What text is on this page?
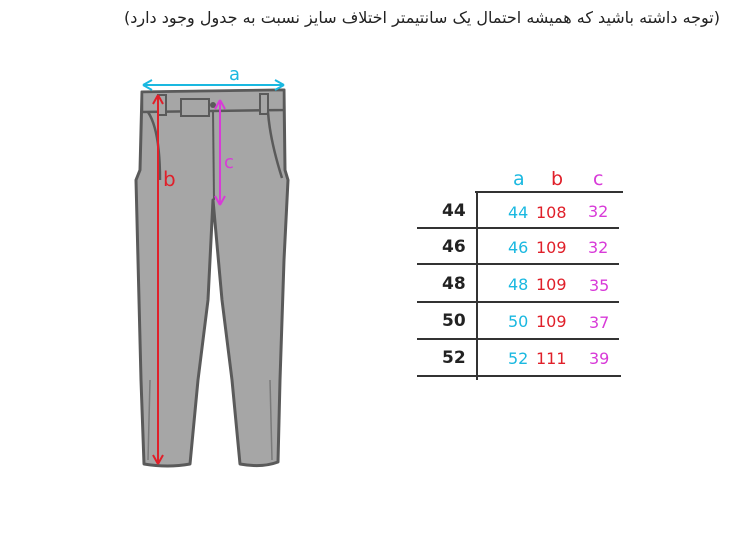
(توجه داشته باشید که همیشه احتمال یک سانتیمتر اختلاف سایز نسبت به جدول وجود دارد)
a
b
c
a b c
44	44 108 32
46	46 109 32
48	48 109 35
50	50 109 37
52	52 111 39
